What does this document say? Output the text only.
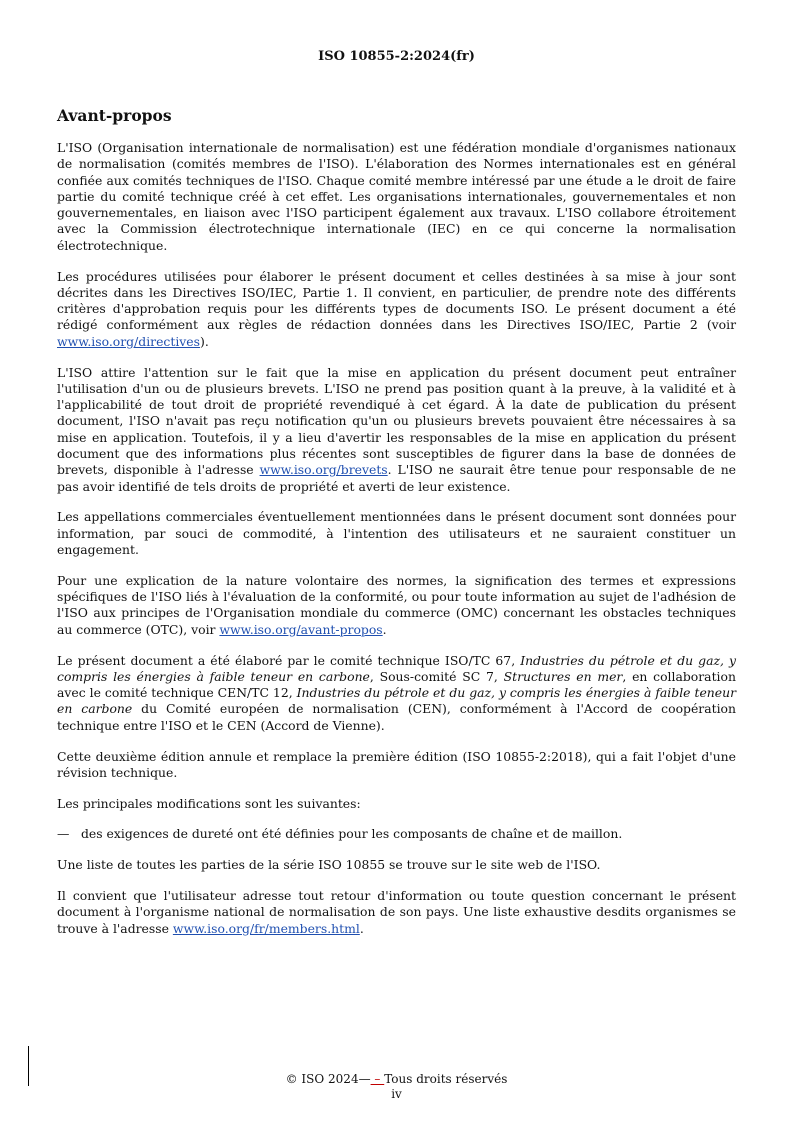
ISO 10855-2:2024(fr)
Avant-propos

L'ISO (Organisation internationale de normalisation) est une fédération mondiale d'organismes nationaux de normalisation (comités membres de l'ISO). L'élaboration des Normes internationales est en général confiée aux comités techniques de l'ISO. Chaque comité membre intéressé par une étude a le droit de faire partie du comité technique créé à cet effet. Les organisations internationales, gouvernementales et non gouvernementales, en liaison avec l'ISO participent également aux travaux. L'ISO collabore étroitement avec la Commission électrotechnique internationale (IEC) en ce qui concerne la normalisation électrotechnique.

Les procédures utilisées pour élaborer le présent document et celles destinées à sa mise à jour sont décrites dans les Directives ISO/IEC, Partie 1. Il convient, en particulier, de prendre note des différents critères d'approbation requis pour les différents types de documents ISO. Le présent document a été rédigé conformément aux règles de rédaction données dans les Directives ISO/IEC, Partie 2 (voir www.iso.org/directives).

L'ISO attire l'attention sur le fait que la mise en application du présent document peut entraîner l'utilisation d'un ou de plusieurs brevets. L'ISO ne prend pas position quant à la preuve, à la validité et à l'applicabilité de tout droit de propriété revendiqué à cet égard. À la date de publication du présent document, l'ISO n'avait pas reçu notification qu'un ou plusieurs brevets pouvaient être nécessaires à sa mise en application. Toutefois, il y a lieu d'avertir les responsables de la mise en application du présent document que des informations plus récentes sont susceptibles de figurer dans la base de données de brevets, disponible à l'adresse www.iso.org/brevets. L'ISO ne saurait être tenue pour responsable de ne pas avoir identifié de tels droits de propriété et averti de leur existence.

Les appellations commerciales éventuellement mentionnées dans le présent document sont données pour information, par souci de commodité, à l'intention des utilisateurs et ne sauraient constituer un engagement.

Pour une explication de la nature volontaire des normes, la signification des termes et expressions spécifiques de l'ISO liés à l'évaluation de la conformité, ou pour toute information au sujet de l'adhésion de l'ISO aux principes de l'Organisation mondiale du commerce (OMC) concernant les obstacles techniques au commerce (OTC), voir www.iso.org/avant-propos.

Le présent document a été élaboré par le comité technique ISO/TC 67, Industries du pétrole et du gaz, y compris les énergies à faible teneur en carbone, Sous-comité SC 7, Structures en mer, en collaboration avec le comité technique CEN/TC 12, Industries du pétrole et du gaz, y compris les énergies à faible teneur en carbone du Comité européen de normalisation (CEN), conformément à l'Accord de coopération technique entre l'ISO et le CEN (Accord de Vienne).

Cette deuxième édition annule et remplace la première édition (ISO 10855-2:2018), qui a fait l'objet d'une révision technique.

Les principales modifications sont les suivantes:

— des exigences de dureté ont été définies pour les composants de chaîne et de maillon.

Une liste de toutes les parties de la série ISO 10855 se trouve sur le site web de l'ISO.

Il convient que l'utilisateur adresse tout retour d'information ou toute question concernant le présent document à l'organisme national de normalisation de son pays. Une liste exhaustive desdits organismes se trouve à l'adresse www.iso.org/fr/members.html.

© ISO 2024— – Tous droits réservés
iv
